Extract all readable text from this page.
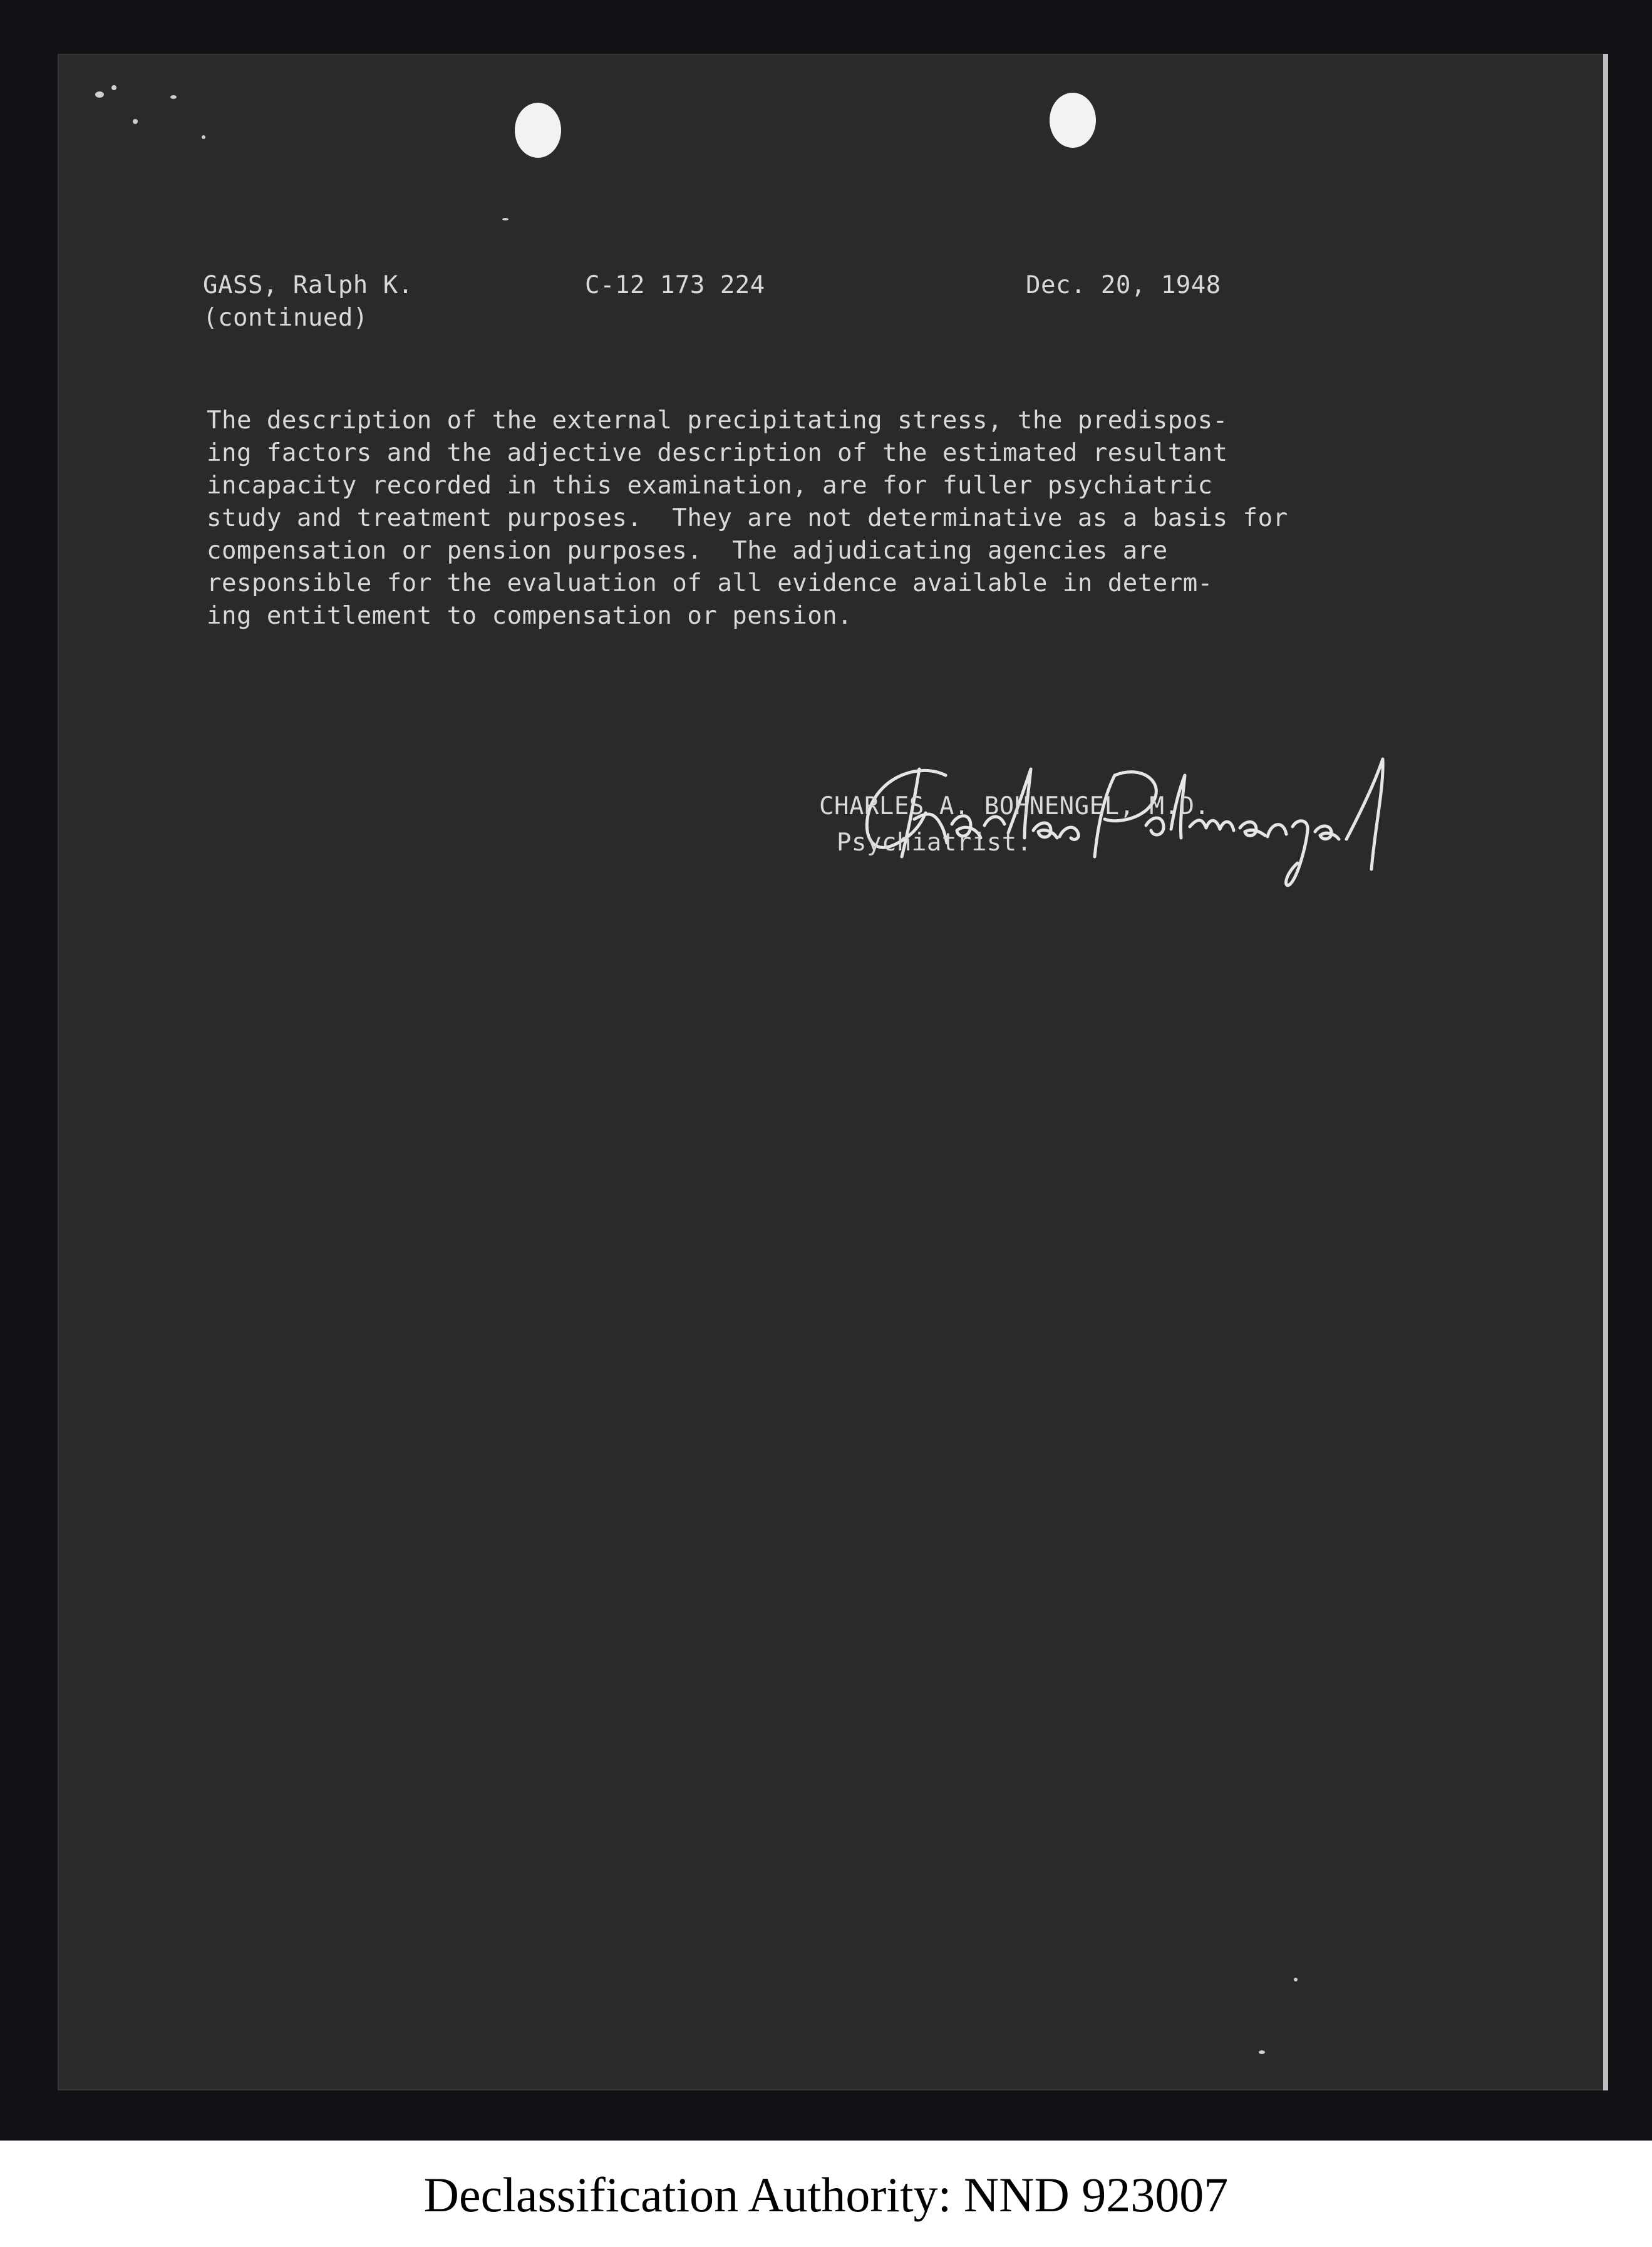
GASS, Ralph K.
(continued)
C-12 173 224	Dec. 20, 1948
The description of the external precipitating stress, the predispos-
ing factors and the adjective description of the estimated resultant
incapacity recorded in this examination, are for fuller psychiatric
study and treatment purposes.  They are not determinative as a basis for
compensation or pension purposes.  The adjudicating agencies are
responsible for the evaluation of all evidence available in determ-
ing entitlement to compensation or pension.
CHARLES A. BOHNENGEL, M.D.
Psychiatrist.
Declassification Authority: NND 923007
